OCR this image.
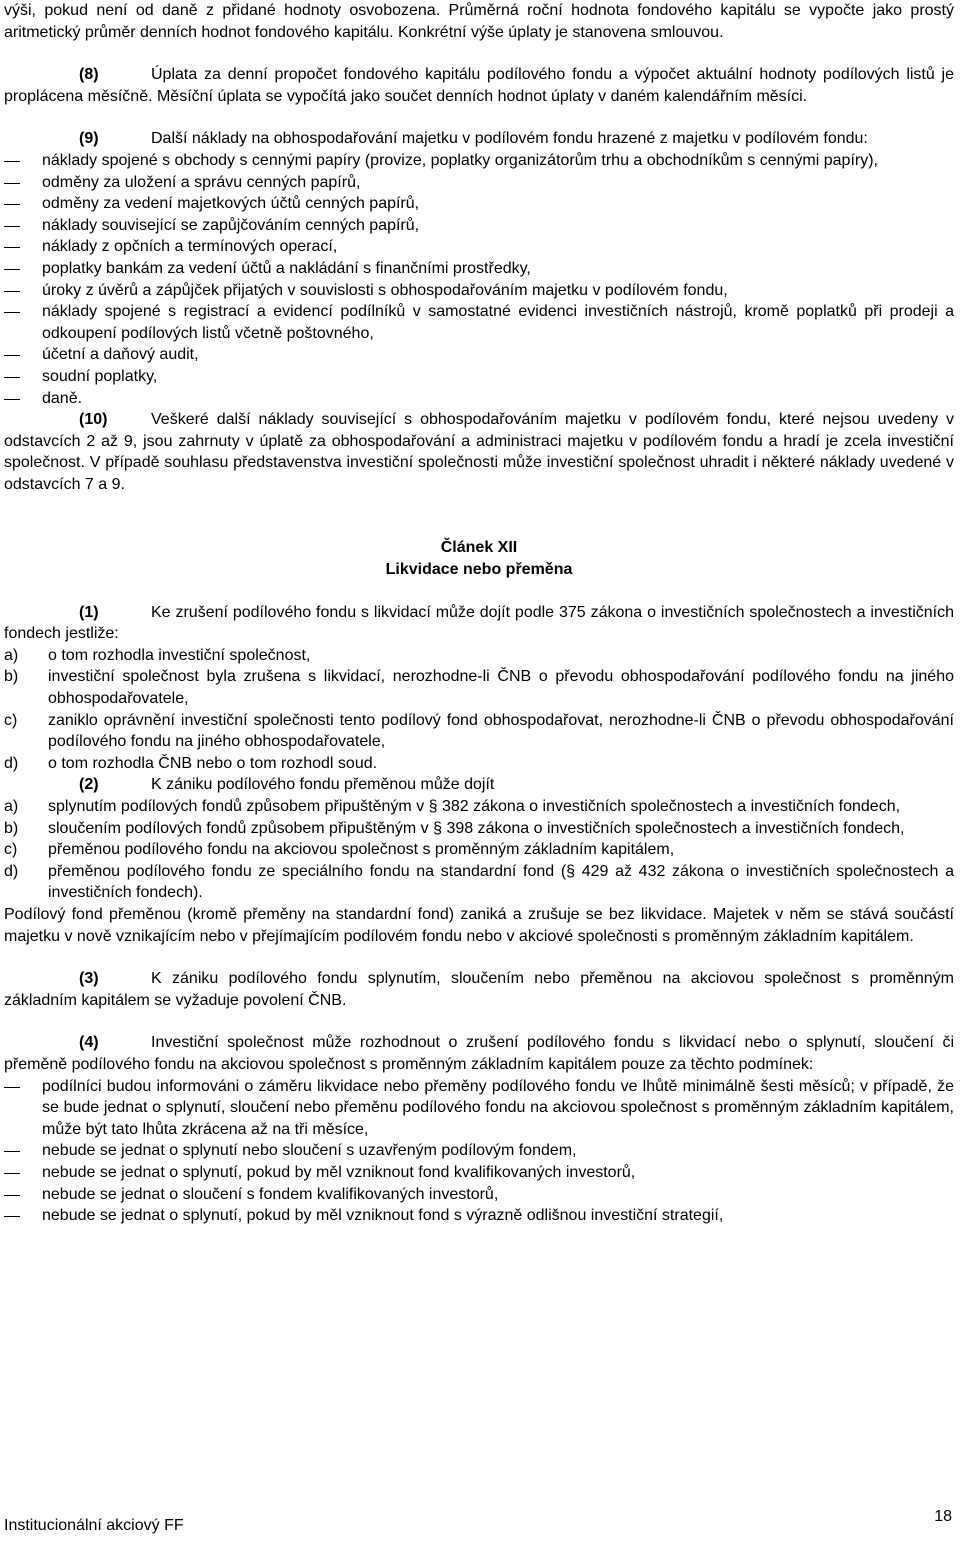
výši, pokud není od daně z přidané hodnoty osvobozena. Průměrná roční hodnota fondového kapitálu se vypočte jako prostý aritmetický průměr denních hodnot fondového kapitálu. Konkrétní výše úplaty je stanovena smlouvou.

(8)	Úplata za denní propočet fondového kapitálu podílového fondu a výpočet aktuální hodnoty podílových listů je proplácena měsíčně. Měsíční úplata se vypočítá jako součet denních hodnot úplaty v daném kalendářním měsíci.

(9)	Další náklady na obhospodařování majetku v podílovém fondu hrazené z majetku v podílovém fondu:

náklady spojené s obchody s cennými papíry (provize, poplatky organizátorům trhu a obchodníkům s cennými papíry),
odměny za uložení a správu cenných papírů,
odměny za vedení majetkových účtů cenných papírů,
náklady související se zapůjčováním cenných papírů,
náklady z opčních a termínových operací,
poplatky bankám za vedení účtů a nakládání s finančními prostředky,
úroky z úvěrů a zápůjček přijatých v souvislosti s obhospodařováním majetku v podílovém fondu,
náklady spojené s registrací a evidencí podílníků v samostatné evidenci investičních nástrojů, kromě poplatků při prodeji a odkoupení podílových listů včetně poštovného,
účetní a daňový audit,
soudní poplatky,
daně.

(10)	Veškeré další náklady související s obhospodařováním majetku v podílovém fondu, které nejsou uvedeny v odstavcích 2 až 9, jsou zahrnuty v úplatě za obhospodařování a administraci majetku v podílovém fondu a hradí je zcela investiční společnost. V případě souhlasu představenstva investiční společnosti může investiční společnost uhradit i některé náklady uvedené v odstavcích 7 a 9.

Článek XII
Likvidace nebo přeměna

(1)	Ke zrušení podílového fondu s likvidací může dojít podle 375 zákona o investičních společnostech a investičních fondech jestliže:

a) o tom rozhodla investiční společnost,
b) investiční společnost byla zrušena s likvidací, nerozhodne-li ČNB o převodu obhospodařování podílového fondu na jiného obhospodařovatele,
c) zaniklo oprávnění investiční společnosti tento podílový fond obhospodařovat, nerozhodne-li ČNB o převodu obhospodařování podílového fondu na jiného obhospodařovatele,
d) o tom rozhodla ČNB nebo o tom rozhodl soud.

(2)	K zániku podílového fondu přeměnou může dojít

a) splynutím podílových fondů způsobem připuštěným v § 382 zákona o investičních společnostech a investičních fondech,
b) sloučením podílových fondů způsobem připuštěným v § 398 zákona o investičních společnostech a investičních fondech,
c) přeměnou podílového fondu na akciovou společnost s proměnným základním kapitálem,
d) přeměnou podílového fondu ze speciálního fondu na standardní fond (§ 429 až 432 zákona o investičních společnostech a investičních fondech).

Podílový fond přeměnou (kromě přeměny na standardní fond) zaniká a zrušuje se bez likvidace. Majetek v něm se stává součástí majetku v nově vznikajícím nebo v přejímajícím podílovém fondu nebo v akciové společnosti s proměnným základním kapitálem.

(3)	K zániku podílového fondu splynutím, sloučením nebo přeměnou na akciovou společnost s proměnným základním kapitálem se vyžaduje povolení ČNB.

(4)	Investiční společnost může rozhodnout o zrušení podílového fondu s likvidací nebo o splynutí, sloučení či přeměně podílového fondu na akciovou společnost s proměnným základním kapitálem pouze za těchto podmínek:

podílníci budou informováni o záměru likvidace nebo přeměny podílového fondu ve lhůtě minimálně šesti měsíců; v případě, že se bude jednat o splynutí, sloučení nebo přeměnu podílového fondu na akciovou společnost s proměnným základním kapitálem, může být tato lhůta zkrácena až na tři měsíce,
nebude se jednat o splynutí nebo sloučení s uzavřeným podílovým fondem,
nebude se jednat o splynutí, pokud by měl vzniknout fond kvalifikovaných investorů,
nebude se jednat o sloučení s fondem kvalifikovaných investorů,
nebude se jednat o splynutí, pokud by měl vzniknout fond s výrazně odlišnou investiční strategií,
Institucionální akciový FF
18
